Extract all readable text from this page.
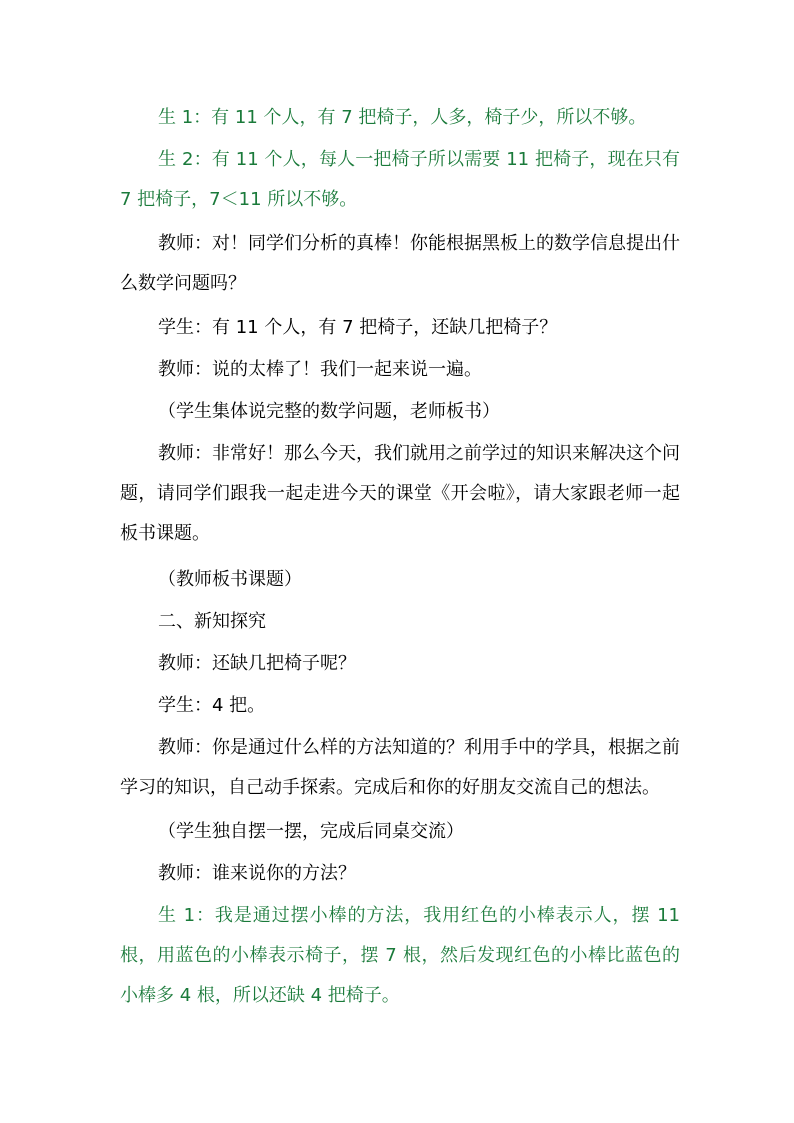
生 1：有 11 个人，有 7 把椅子，人多，椅子少，所以不够。

生 2：有 11 个人，每人一把椅子所以需要 11 把椅子，现在只有 7 把椅子，7＜11 所以不够。

教师：对！同学们分析的真棒！你能根据黑板上的数学信息提出什么数学问题吗？

学生：有 11 个人，有 7 把椅子，还缺几把椅子？

教师：说的太棒了！我们一起来说一遍。

（学生集体说完整的数学问题，老师板书）

教师：非常好！那么今天，我们就用之前学过的知识来解决这个问题，请同学们跟我一起走进今天的课堂《开会啦》，请大家跟老师一起板书课题。

（教师板书课题）

二、新知探究

教师：还缺几把椅子呢？

学生：4 把。

教师：你是通过什么样的方法知道的？利用手中的学具，根据之前学习的知识，自己动手探索。完成后和你的好朋友交流自己的想法。

（学生独自摆一摆，完成后同桌交流）

教师：谁来说你的方法？

生 1：我是通过摆小棒的方法，我用红色的小棒表示人，摆 11 根，用蓝色的小棒表示椅子，摆 7 根，然后发现红色的小棒比蓝色的小棒多 4 根，所以还缺 4 把椅子。
